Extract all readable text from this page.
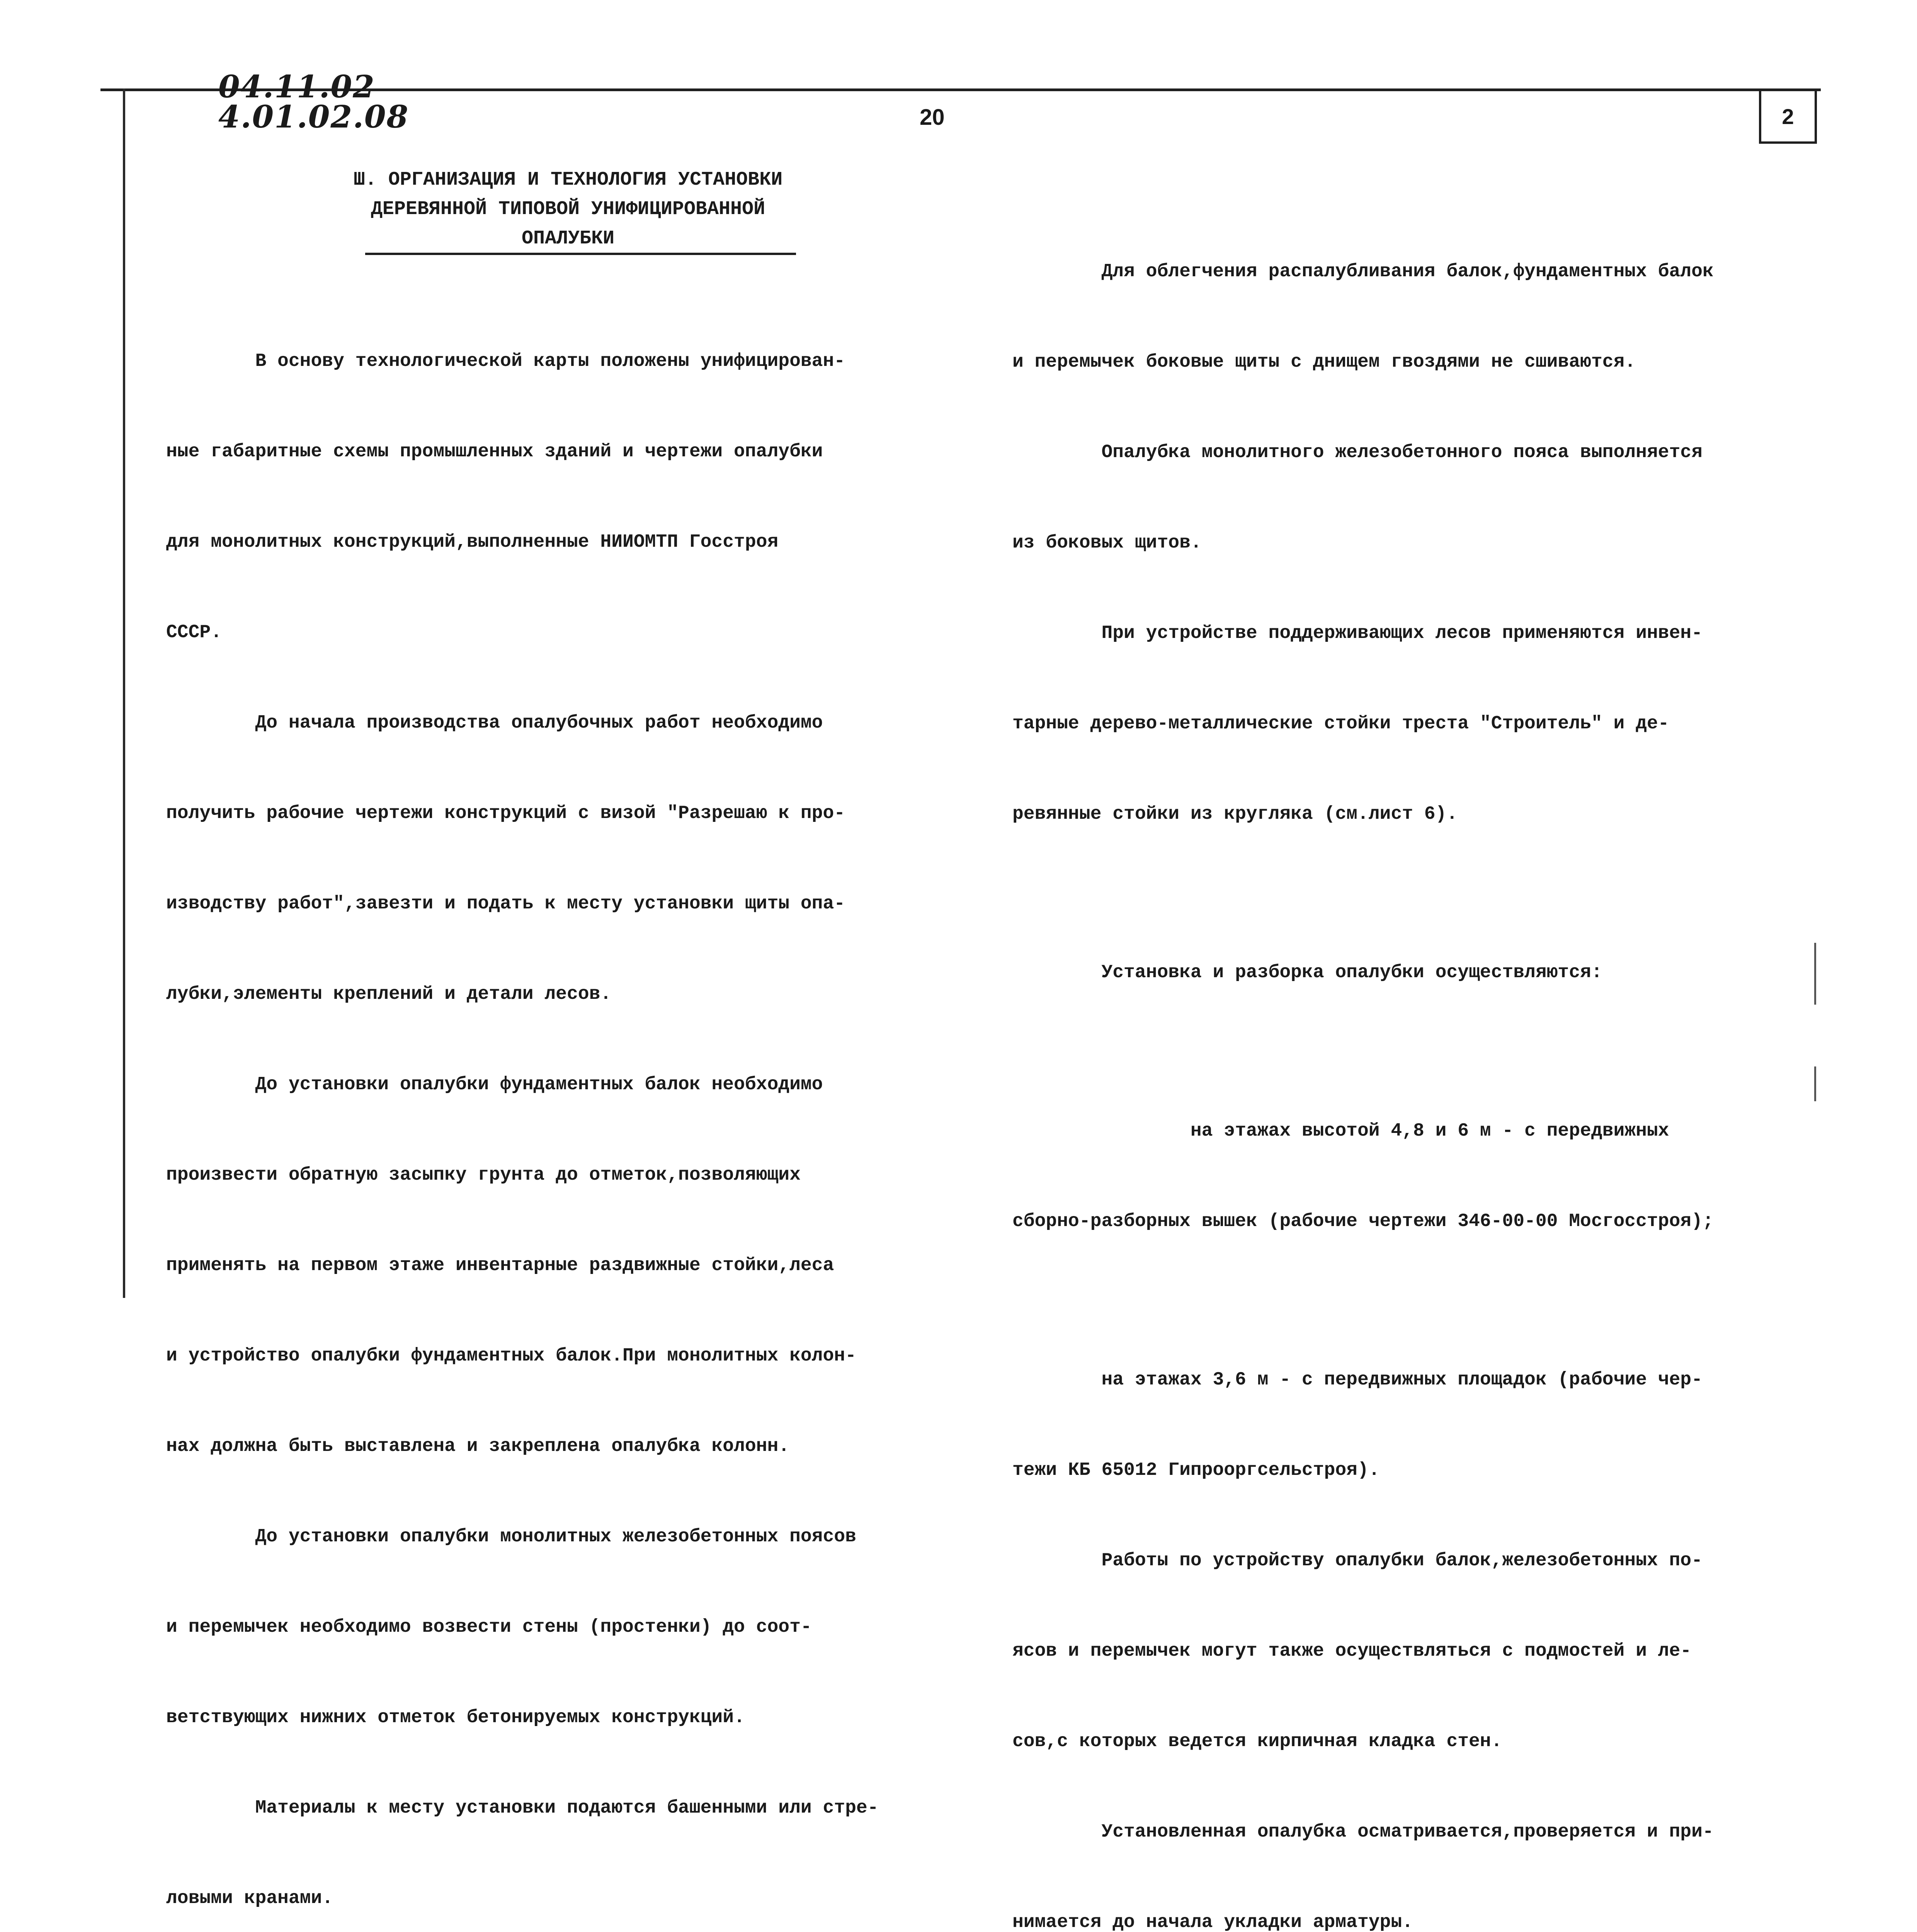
2
04.11.02
4.01.02.08	20
Ш. ОРГАНИЗАЦИЯ И ТЕХНОЛОГИЯ УСТАНОВКИ
ДЕРЕВЯННОЙ ТИПОВОЙ УНИФИЦИРОВАННОЙ
ОПАЛУБКИ

В основу технологической карты положены унифицирован-

ные габаритные схемы промышленных зданий и чертежи опалубки

для монолитных конструкций,выполненные НИИОМТП Госстроя

СССР.

До начала производства опалубочных работ необходимо

получить рабочие чертежи конструкций с визой "Разрешаю к про-

изводству работ",завезти и подать к месту установки щиты опа-

лубки,элементы креплений и детали лесов.

До установки опалубки фундаментных балок необходимо

произвести обратную засыпку грунта до отметок,позволяющих

применять на первом этаже инвентарные раздвижные стойки,леса

и устройство опалубки фундаментных балок.При монолитных колон-

нах должна быть выставлена и закреплена опалубка колонн.

До установки опалубки монолитных железобетонных поясов

и перемычек необходимо возвести стены (простенки) до соот-

ветствующих нижних отметок бетонируемых конструкций.

Материалы к месту установки подаются башенными или стре-

ловыми кранами.

Для облегчения распалубливания балок,фундаментных балок

и перемычек боковые щиты с днищем гвоздями не сшиваются.

Опалубка монолитного железобетонного пояса выполняется

из боковых щитов.

При устройстве поддерживающих лесов применяются инвен-

тарные дерево-металлические стойки треста "Строитель" и де-

ревянные стойки из кругляка (см.лист 6).

Установка и разборка опалубки осуществляются:

на этажах высотой 4,8 и 6 м - с передвижных

сборно-разборных вышек (рабочие чертежи 346-00-00 Мосгосстроя);

на этажах 3,6 м - с передвижных площадок (рабочие чер-

тежи КБ 65012 Гипрооргсельстроя).

Работы по устройству опалубки балок,железобетонных по-

ясов и перемычек могут также осуществляться с подмостей и ле-

сов,с которых ведется кирпичная кладка стен.

Установленная опалубка осматривается,проверяется и при-

нимается до начала укладки арматуры.
